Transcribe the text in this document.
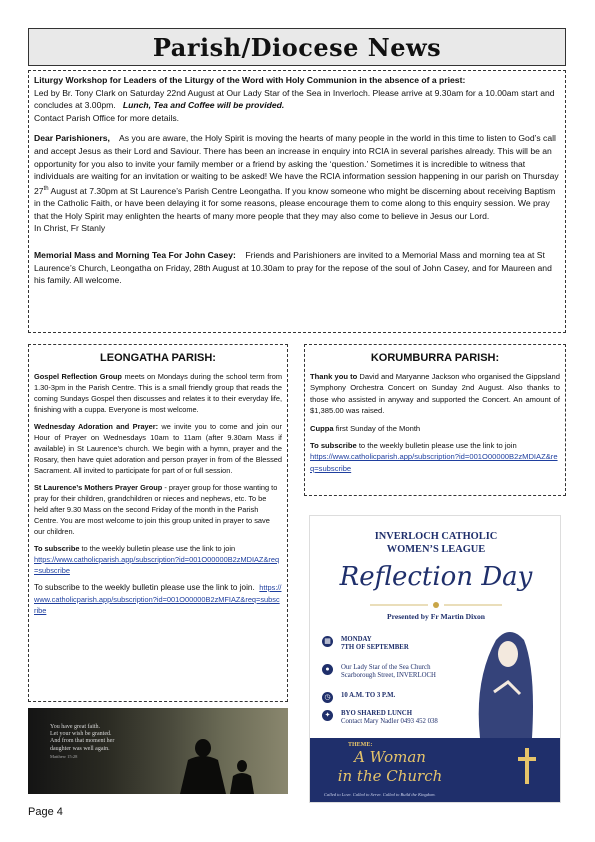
Parish/Diocese News

Liturgy Workshop for Leaders of the Liturgy of the Word with Holy Communion in the absence of a priest:

Led by Br. Tony Clark on Saturday 22nd August at Our Lady Star of the Sea in Inverloch. Please arrive at 9.30am for a 10.00am start and concludes at 3.00pm. Lunch, Tea and Coffee will be provided.

Contact Parish Office for more details.

Dear Parishioners, As you are aware, the Holy Spirit is moving the hearts of many people in the world in this time to listen to God’s call and accept Jesus as their Lord and Saviour. There has been an increase in enquiry into RCIA in several parishes already. This will be an opportunity for you also to invite your family member or a friend by asking the ‘question.’ Sometimes it is incredible to witness that individuals are waiting for an invitation or waiting to be asked! We have the RCIA information session happening in our parish on Thursday 27th August at 7.30pm at St Laurence’s Parish Centre Leongatha. If you know someone who might be discerning about receiving Baptism in the Catholic Faith, or have been delaying it for some reasons, please encourage them to come along to this enquiry session. We pray that the Holy Spirit may enlighten the hearts of many more people that they may also come to believe in Jesus our Lord.

In Christ, Fr Stanly

Memorial Mass and Morning Tea For John Casey: Friends and Parishioners are invited to a Memorial Mass and morning tea at St Laurence’s Church, Leongatha on Friday, 28th August at 10.30am to pray for the repose of the soul of John Casey, and for Maureen and his family. All welcome.

LEONGATHA PARISH:

Gospel Reflection Group meets on Mondays during the school term from 1.30-3pm in the Parish Centre. This is a small friendly group that reads the coming Sundays Gospel then discusses and relates it to their everyday life, finishing with a cuppa. Everyone is most welcome.

Wednesday Adoration and Prayer: we invite you to come and join our Hour of Prayer on Wednesdays 10am to 11am (after 9.30am Mass if available) in St Laurence’s church. We begin with a hymn, prayer and the Rosary, then have quiet adoration and person prayer in from of the Blessed Sacrament. All invited to participate for part of or full session.

St Laurence’s Mothers Prayer Group - prayer group for those wanting to pray for their children, grandchildren or nieces and nephews, etc. To be held after 9.30 Mass on the second Friday of the month in the Parish Centre. You are most welcome to join this group united in prayer to save our children.

To subscribe to the weekly bulletin please use the link to join
https://www.catholicparish.app/subscription?id=001O00000B2zMDIAZ&req=subscribe

To subscribe to the weekly bulletin please use the link to join. https://www.catholicparish.app/subscription?id=001O00000B2zMFIAZ&req=subscribe

KORUMBURRA PARISH:

Thank you to David and Maryanne Jackson who organised the Gippsland Symphony Orchestra Concert on Sunday 2nd August. Also thanks to those who assisted in anyway and supported the Concert. An amount of $1,385.00 was raised.

Cuppa first Sunday of the Month

To subscribe to the weekly bulletin please use the link to join
https://www.catholicparish.app/subscription?id=001O00000B2zMDIAZ&req=subscribe

You have great faith.
Let your wish be granted.
And from that moment her
daughter was well again.
Matthew 15:28
INVERLOCH CATHOLIC
WOMEN’S LEAGUE
Reflection Day
Presented by Fr Martin Dixon
▦	MONDAY
7TH OF SEPTEMBER
●	Our Lady Star of the Sea Church
Scarborough Street, INVERLOCH
◷	10 A.M. TO 3 P.M.
✦	BYO SHARED LUNCH
Contact Mary Nadler 0493 452 038
THEME:
A Woman
in the Church
Called to Love. Called to Serve. Called to Build the Kingdom.
Page 4
